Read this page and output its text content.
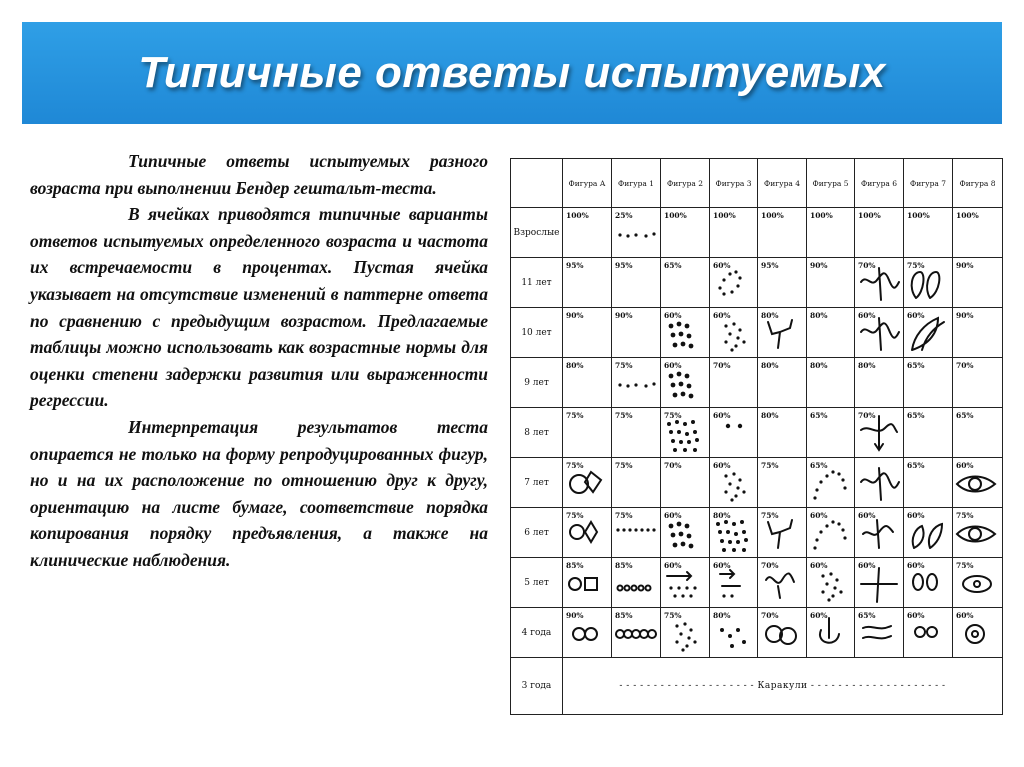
Типичные ответы испытуемых

Типичные ответы испытуемых разного возраста при выполнении Бендер гештальт-теста.

В ячейках приводятся типичные варианты ответов испытуемых определенного возраста и частота их встречаемости в процентах. Пустая ячейка указывает на отсутствие изменений в паттерне ответа по сравнению с предыдущим возрастом. Предлагаемые таблицы можно использовать как возрастные нормы для оценки степени задержки развития или выраженности регрессии.

Интерпретация результатов теста опирается не только на форму репродуцированных фигур, но и на их расположение по отношению друг к другу, ориентацию на листе бумаге, соответствие порядка копирования порядку предъявления, а также на клинические наблюдения.

	Фигура А	Фигура 1	Фигура 2	Фигура 3	Фигура 4	Фигура 5	Фигура 6	Фигура 7	Фигура 8
Взрослые	100%	25%	100%	100%	100%	100%	100%	100%	100%

11 лет	95%	95%	65%	60%	95%	90%	70%	75%	90%

10 лет	90%	90%	60%	60%	80%	80%	60%	60%	90%

9 лет	80%	75%	60%	70%	80%	80%	80%	65%	70%

8 лет	75%	75%	75%	60%	80%	65%	70%	65%	65%

7 лет	75%	75%	70%	60%	75%	65%		65%	60%

6 лет	75%	75%	60%	80%	75%	60%	60%	60%	75%

5 лет	85%	85%	60%	60%	70%	60%	60%	60%	75%

4 года	90%	85%	75%	80%	70%	60%	65%	60%	60%

3 года	- - - - - - - - - - - - - - - - - - - - Каракули - - - - - - - - - - - - - - - - - - - -								
